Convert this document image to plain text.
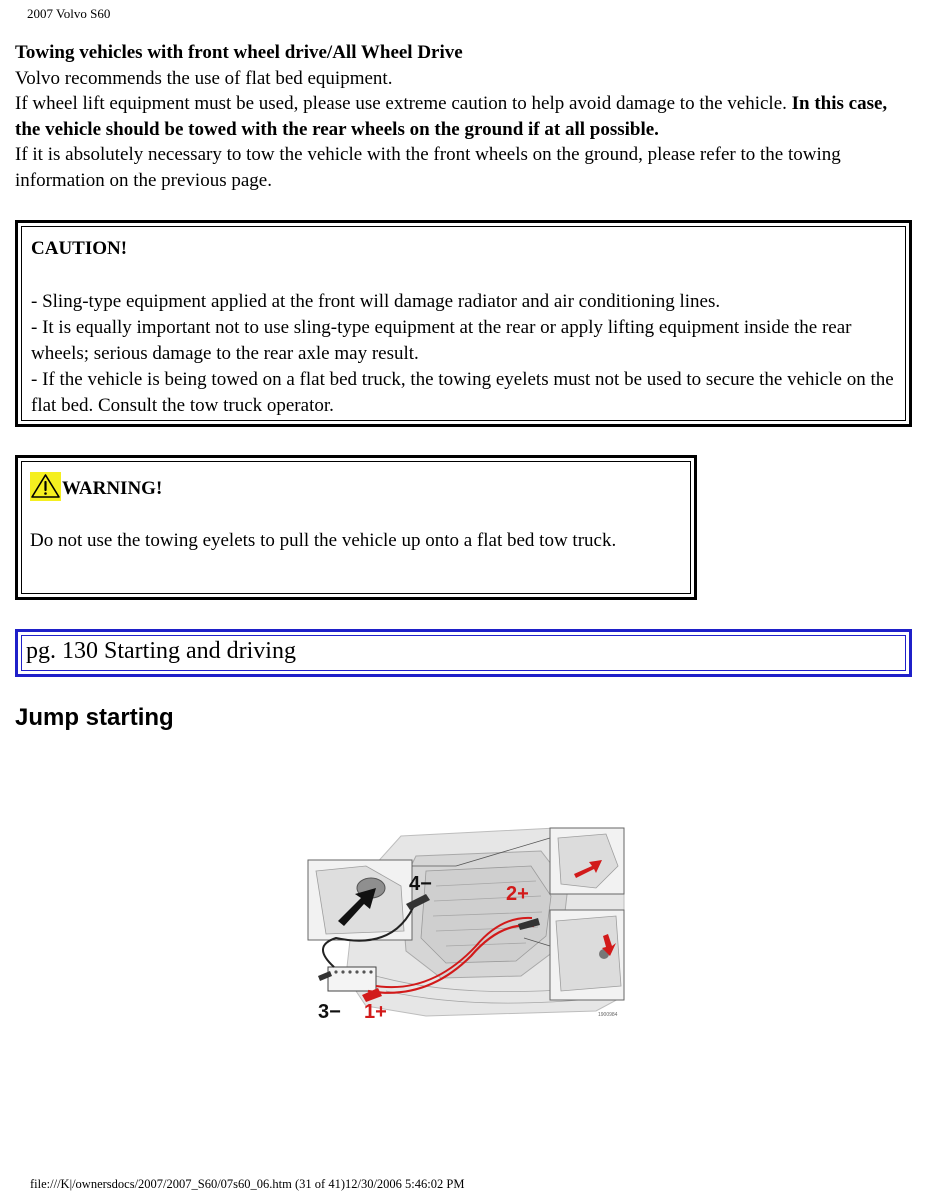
2007 Volvo S60

Towing vehicles with front wheel drive/All Wheel Drive

Volvo recommends the use of flat bed equipment.

If wheel lift equipment must be used, please use extreme caution to help avoid damage to the vehicle. In this case, the vehicle should be towed with the rear wheels on the ground if at all possible.

If it is absolutely necessary to tow the vehicle with the front wheels on the ground, please refer to the towing information on the previous page.

CAUTION!

- Sling-type equipment applied at the front will damage radiator and air conditioning lines.

- It is equally important not to use sling-type equipment at the rear or apply lifting equipment inside the rear wheels; serious damage to the rear axle may result.

- If the vehicle is being towed on a flat bed truck, the towing eyelets must not be used to secure the vehicle on the flat bed. Consult the tow truck operator.

WARNING!

Do not use the towing eyelets to pull the vehicle up onto a flat bed tow truck.

pg. 130 Starting and driving
Jump starting
4−	2+
3− 1+	1900984
file:///K|/ownersdocs/2007/2007_S60/07s60_06.htm (31 of 41)12/30/2006 5:46:02 PM
